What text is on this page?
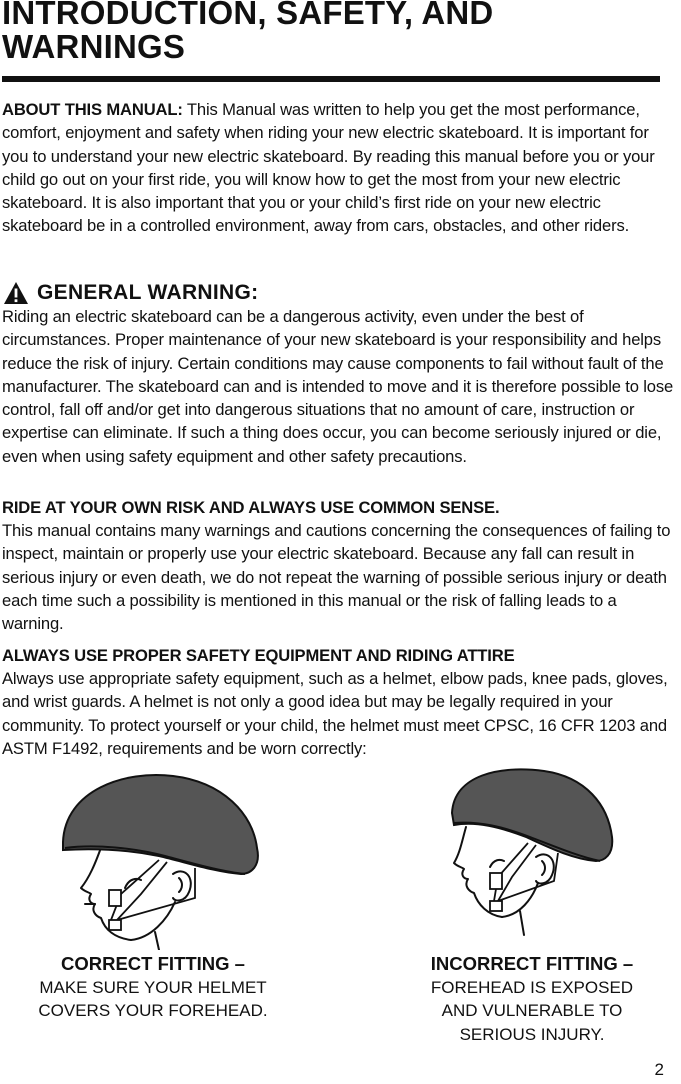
INTRODUCTION, SAFETY, AND WARNINGS

ABOUT THIS MANUAL: This Manual was written to help you get the most performance, comfort, enjoyment and safety when riding your new electric skateboard. It is important for you to understand your new electric skateboard. By reading this manual before you or your child go out on your first ride, you will know how to get the most from your new electric skateboard. It is also important that you or your child’s first ride on your new electric skateboard be in a controlled environment, away from cars, obstacles, and other riders.

GENERAL WARNING:

Riding an electric skateboard can be a dangerous activity, even under the best of circumstances. Proper maintenance of your new skateboard is your responsibility and helps reduce the risk of injury. Certain conditions may cause components to fail without fault of the manufacturer. The skateboard can and is intended to move and it is therefore possible to lose control, fall off and/or get into dangerous situations that no amount of care, instruction or expertise can eliminate. If such a thing does occur, you can become seriously injured or die, even when using safety equipment and other safety precautions.

RIDE AT YOUR OWN RISK AND ALWAYS USE COMMON SENSE.

This manual contains many warnings and cautions concerning the consequences of failing to inspect, maintain or properly use your electric skateboard. Because any fall can result in serious injury or even death, we do not repeat the warning of possible serious injury or death each time such a possibility is mentioned in this manual or the risk of falling leads to a warning.

ALWAYS USE PROPER SAFETY EQUIPMENT AND RIDING ATTIRE

Always use appropriate safety equipment, such as a helmet, elbow pads, knee pads, gloves, and wrist guards. A helmet is not only a good idea but may be legally required in your community. To protect yourself or your child, the helmet must meet CPSC, 16 CFR 1203 and ASTM F1492, requirements and be worn correctly:

CORRECT FITTING –
MAKE SURE YOUR HELMET
COVERS YOUR FOREHEAD.
INCORRECT FITTING –
FOREHEAD IS EXPOSED
AND VULNERABLE TO
SERIOUS INJURY.
2
